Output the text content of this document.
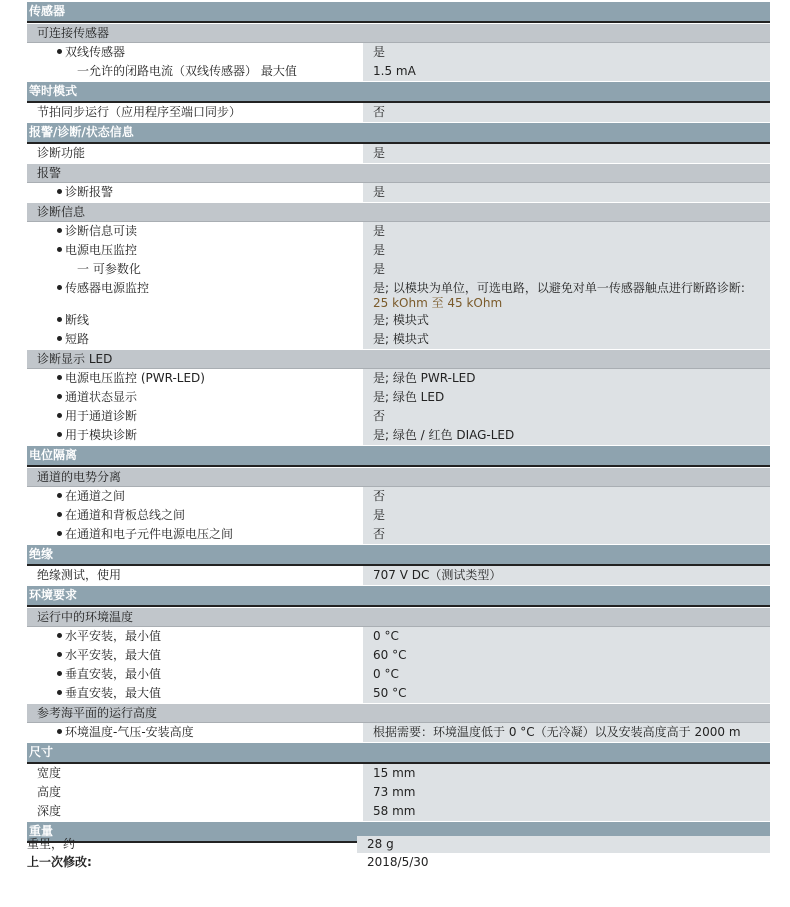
传感器
可连接传感器
双线传感器	是
一允许的闭路电流（双线传感器） 最大值	1.5 mA
等时模式
节拍同步运行（应用程序至端口同步）	否
报警/诊断/状态信息
诊断功能	是
报警
诊断报警	是
诊断信息
诊断信息可读	是
电源电压监控	是
一 可参数化	是
传感器电源监控	是; 以模块为单位，可选电路，以避免对单一传感器触点进行断路诊断:
25 kOhm 至 45 kOhm
断线	是; 模块式
短路	是; 模块式
诊断显示 LED
电源电压监控 (PWR-LED)	是; 绿色 PWR-LED
通道状态显示	是; 绿色 LED
用于通道诊断	否
用于模块诊断	是; 绿色 / 红色 DIAG-LED
电位隔离
通道的电势分离
在通道之间	否
在通道和背板总线之间	是
在通道和电子元件电源电压之间	否
绝缘
绝缘测试，使用	707 V DC（测试类型）
环境要求
运行中的环境温度
水平安装，最小值	0 °C
水平安装，最大值	60 °C
垂直安装，最小值	0 °C
垂直安装，最大值	50 °C
参考海平面的运行高度
环境温度-气压-安装高度	根据需要：环境温度低于 0 °C（无冷凝）以及安装高度高于 2000 m
尺寸
宽度	15 mm
高度	73 mm
深度	58 mm
重量
重里，约	28 g
上一次修改:	2018/5/30
